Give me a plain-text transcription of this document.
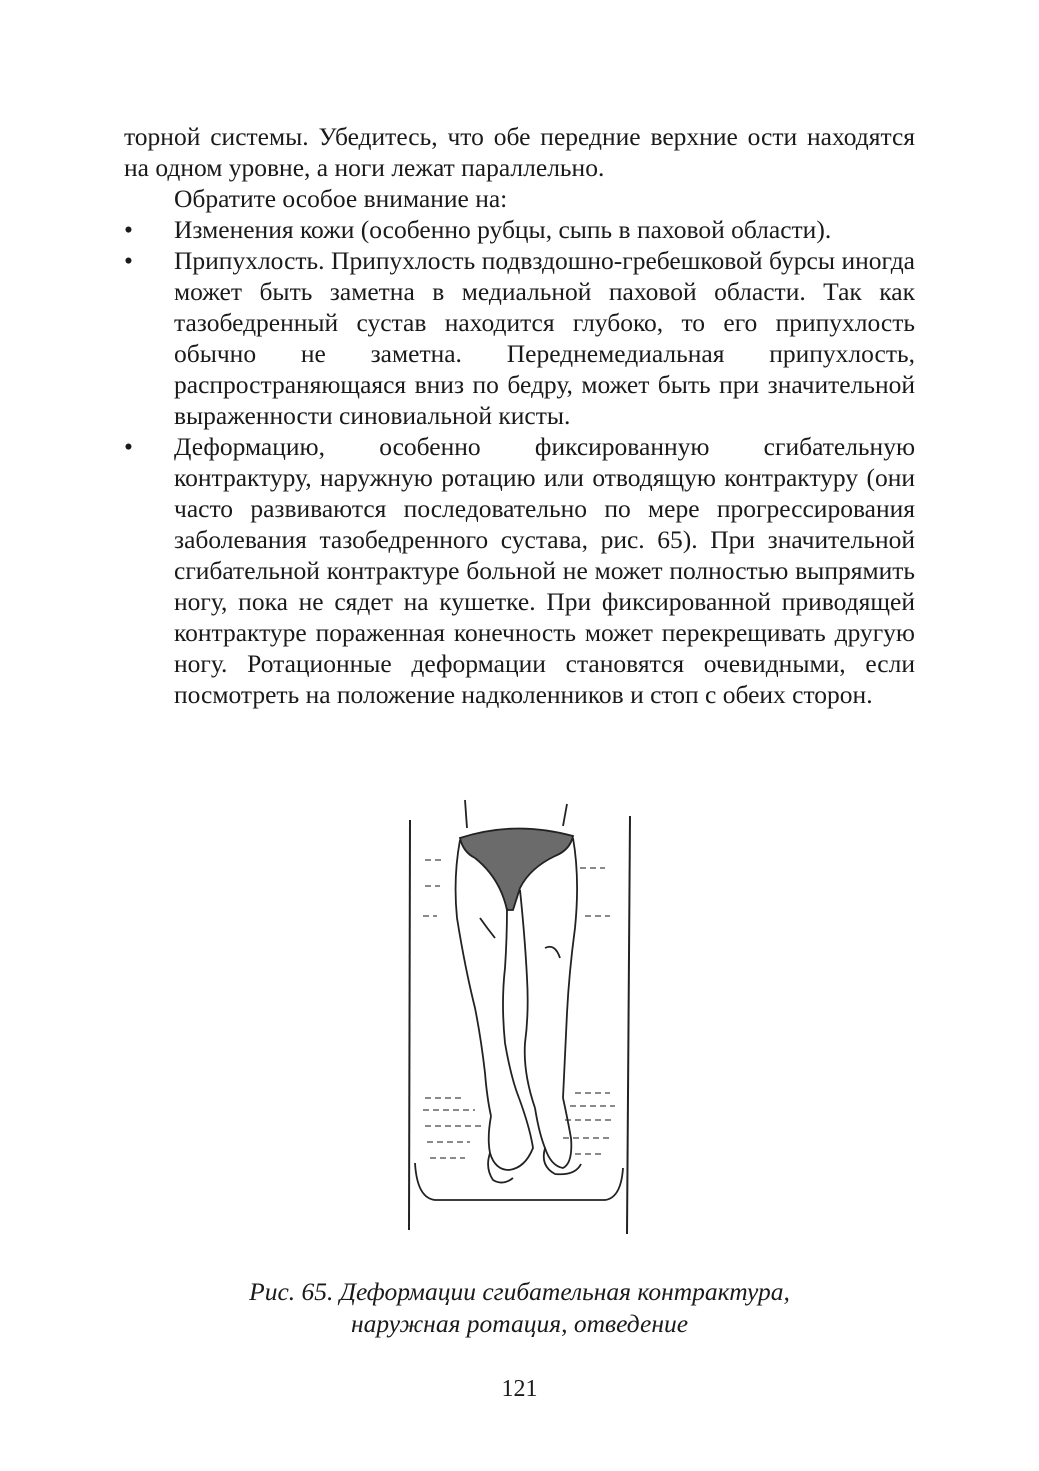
торной системы. Убедитесь, что обе передние верхние ости находятся на одном уровне, а ноги лежат параллельно.

Обратите особое внимание на:

• Изменения кожи (особенно рубцы, сыпь в паховой области).
• Припухлость. Припухлость подвздошно-гребешковой бурсы иногда может быть заметна в медиальной паховой области. Так как тазобедренный сустав находится глубоко, то его припухлость обычно не заметна. Переднемедиальная припухлость, распространяющаяся вниз по бедру, может быть при значительной выраженности синовиальной кисты.
• Деформацию, особенно фиксированную сгибательную контрактуру, наружную ротацию или отводящую контрактуру (они часто развиваются последовательно по мере прогрессирования заболевания тазобедренного сустава, рис. 65). При значительной сгибательной контрактуре больной не может полностью выпрямить ногу, пока не сядет на кушетке. При фиксированной приводящей контрактуре пораженная конечность может перекрещивать другую ногу. Ротационные деформации становятся очевидными, если посмотреть на положение надколенников и стоп с обеих сторон.
Рис. 65. Деформации сгибательная контрактура,
наружная ротация, отведение
121
